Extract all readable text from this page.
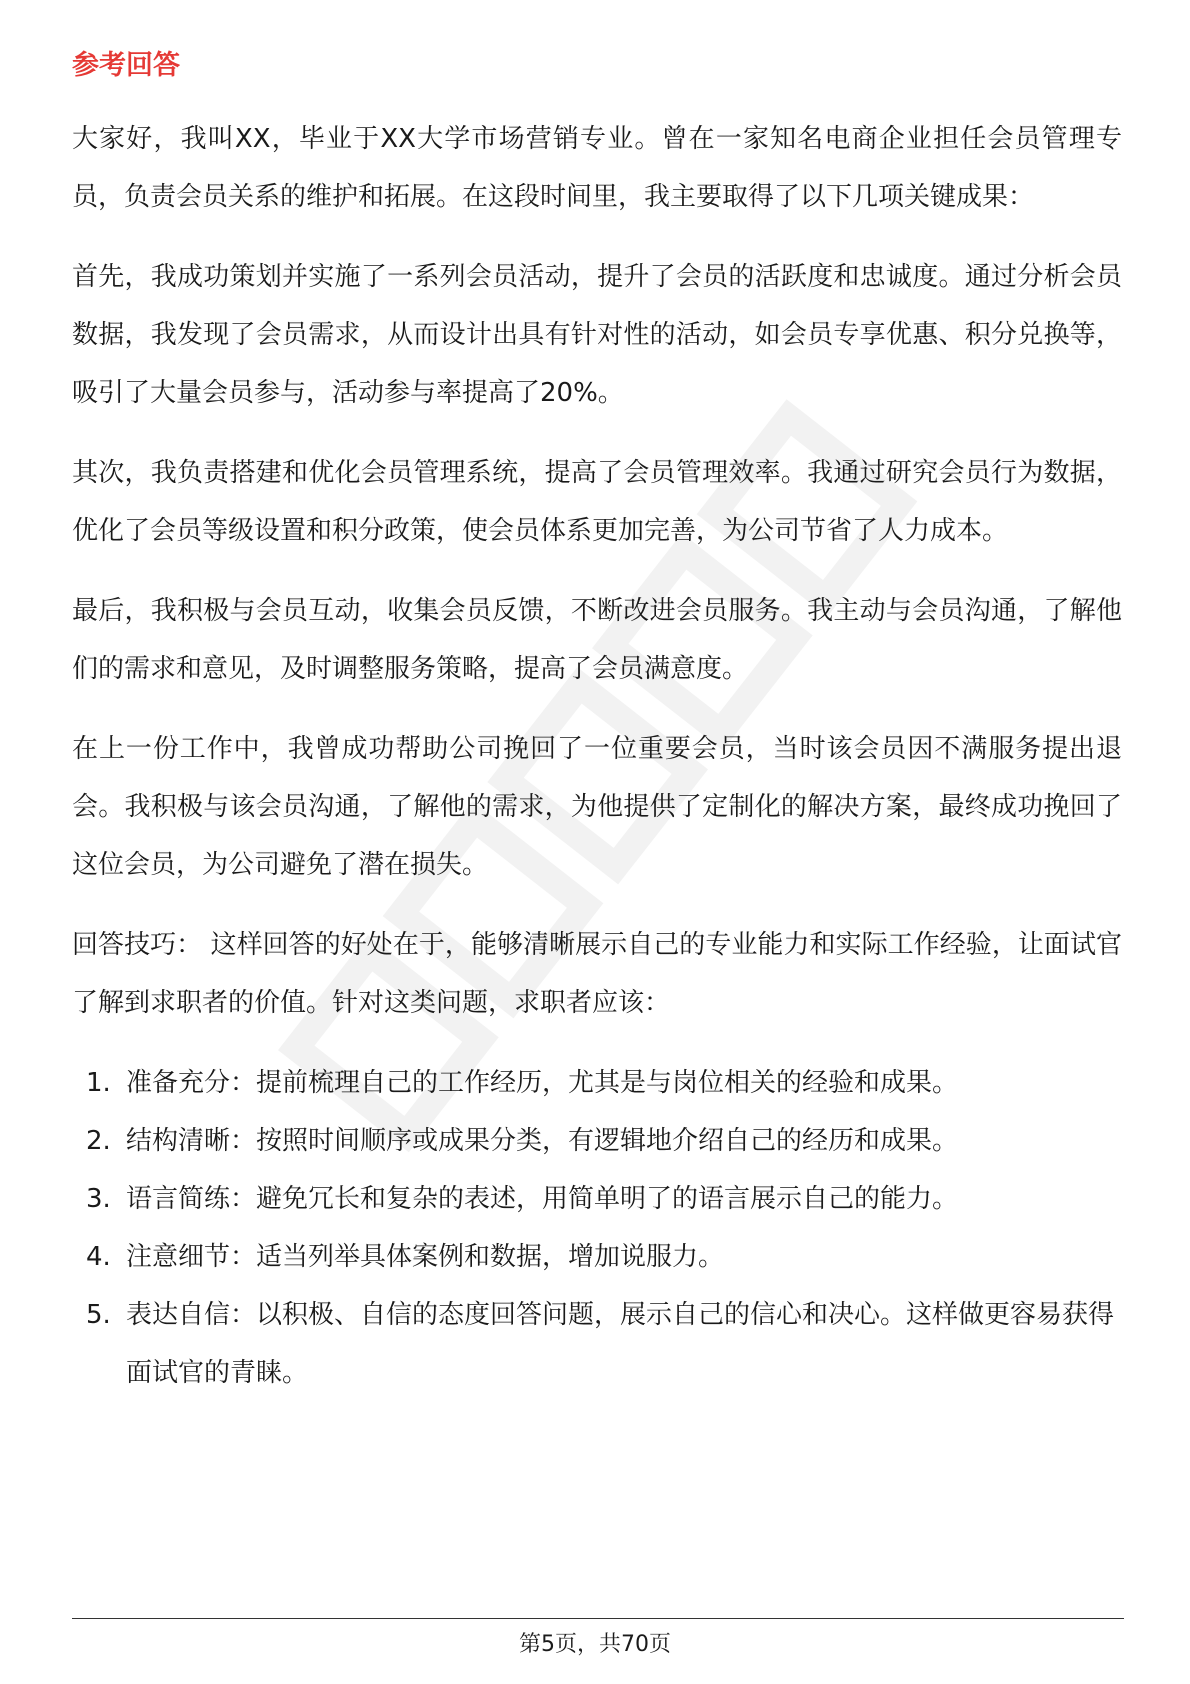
参考回答

大家好，我叫XX，毕业于XX大学市场营销专业。曾在一家知名电商企业担任会员管理专员，负责会员关系的维护和拓展。在这段时间里，我主要取得了以下几项关键成果：

首先，我成功策划并实施了一系列会员活动，提升了会员的活跃度和忠诚度。通过分析会员数据，我发现了会员需求，从而设计出具有针对性的活动，如会员专享优惠、积分兑换等，吸引了大量会员参与，活动参与率提高了20%。

其次，我负责搭建和优化会员管理系统，提高了会员管理效率。我通过研究会员行为数据，优化了会员等级设置和积分政策，使会员体系更加完善，为公司节省了人力成本。

最后，我积极与会员互动，收集会员反馈，不断改进会员服务。我主动与会员沟通，了解他们的需求和意见，及时调整服务策略，提高了会员满意度。

在上一份工作中，我曾成功帮助公司挽回了一位重要会员，当时该会员因不满服务提出退会。我积极与该会员沟通，了解他的需求，为他提供了定制化的解决方案，最终成功挽回了这位会员，为公司避免了潜在损失。

回答技巧： 这样回答的好处在于，能够清晰展示自己的专业能力和实际工作经验，让面试官了解到求职者的价值。针对这类问题，求职者应该：

1. 准备充分：提前梳理自己的工作经历，尤其是与岗位相关的经验和成果。
2. 结构清晰：按照时间顺序或成果分类，有逻辑地介绍自己的经历和成果。
3. 语言简练：避免冗长和复杂的表述，用简单明了的语言展示自己的能力。
4. 注意细节：适当列举具体案例和数据，增加说服力。
5. 表达自信：以积极、自信的态度回答问题，展示自己的信心和决心。这样做更容易获得面试官的青睐。
第5页，共70页
